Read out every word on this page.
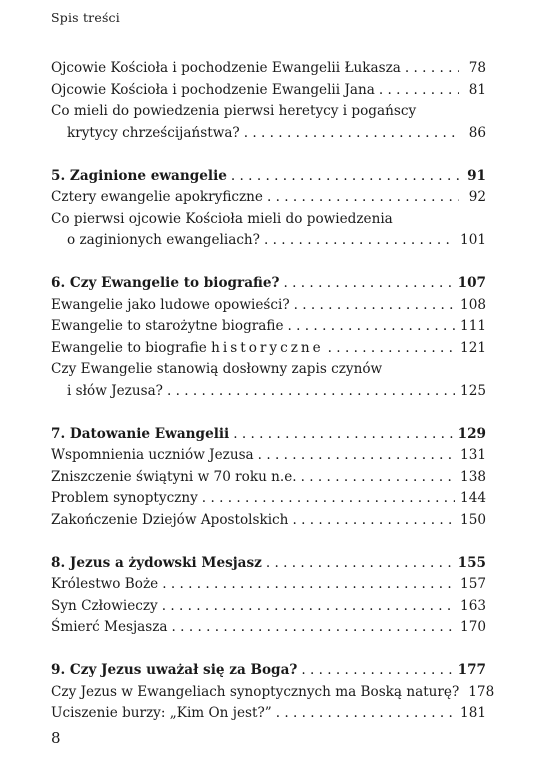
Spis treści
Ojcowie Kościoła i pochodzenie Ewangelii Łukasza . . .	78
Ojcowie Kościoła i pochodzenie Ewangelii Jana . . .	81
Co mieli do powiedzenia pierwsi heretycy i pogańscy
krytycy chrześcijaństwa? . . .	86
5. Zaginione ewangelie . . .	91
Cztery ewangelie apokryficzne . . .	92
Co pierwsi ojcowie Kościoła mieli do powiedzenia
o zaginionych ewangeliach? . . .	101
6. Czy Ewangelie to biografie? . . .	107
Ewangelie jako ludowe opowieści? . . .	108
Ewangelie to starożytne biografie . . .	111
Ewangelie to biografie historyczne . . .	121
Czy Ewangelie stanowią dosłowny zapis czynów
i słów Jezusa? . . .	125
7. Datowanie Ewangelii . . .	129
Wspomnienia uczniów Jezusa . . .	131
Zniszczenie świątyni w 70 roku n.e. . . .	138
Problem synoptyczny . . .	144
Zakończenie Dziejów Apostolskich . . .	150
8. Jezus a żydowski Mesjasz . . .	155
Królestwo Boże . . .	157
Syn Człowieczy . . .	163
Śmierć Mesjasza . . .	170
9. Czy Jezus uważał się za Boga? . . .	177
Czy Jezus w Ewangeliach synoptycznych ma Boską naturę? 178
Uciszenie burzy: „Kim On jest?” . . .	181
8
